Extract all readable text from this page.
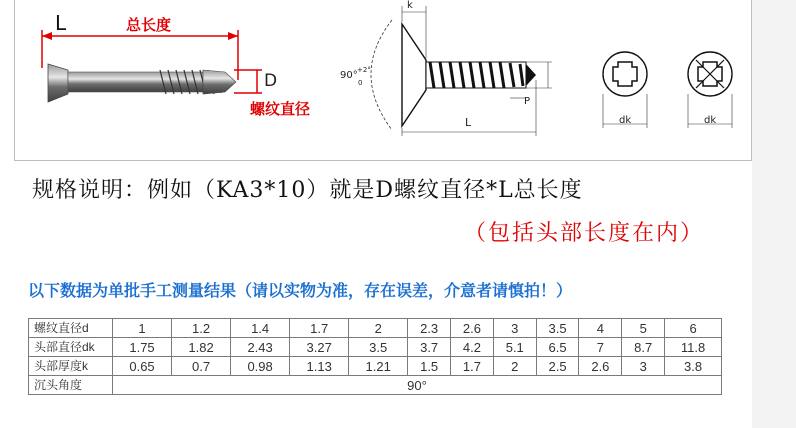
L	总长度
D
螺纹直径
k
90° +2°
0
L
P
dk	dk
规格说明：例如（KA3*10）就是D螺纹直径*L总长度
（包括头部长度在内）
以下数据为单批手工测量结果（请以实物为准，存在误差，介意者请慎拍！）
螺纹直径d	1	1.2	1.4	1.7	2	2.3	2.6	3	3.5	4	5	6
头部直径dk	1.75	1.82	2.43	3.27	3.5	3.7	4.2	5.1	6.5	7	8.7	11.8
头部厚度k	0.65	0.7	0.98	1.13	1.21	1.5	1.7	2	2.5	2.6	3	3.8
沉头角度	90°											
